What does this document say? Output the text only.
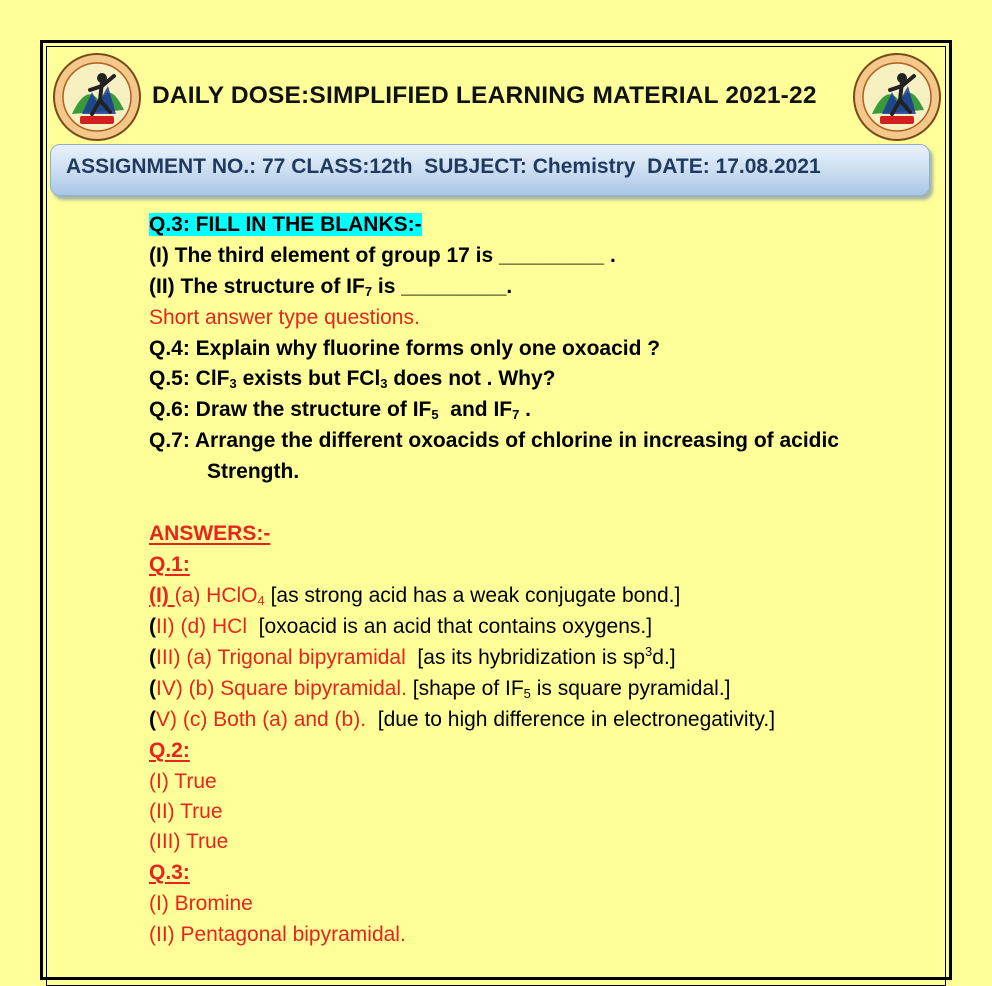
DAILY DOSE:SIMPLIFIED LEARNING MATERIAL 2021-22
ASSIGNMENT NO.: 77 CLASS:12th  SUBJECT: Chemistry  DATE: 17.08.2021
Q.3: FILL IN THE BLANKS:-
(I) The third element of group 17 is _________ .
(II) The structure of $IF_7$ is _________.
Short answer type questions.
Q.4: Explain why fluorine forms only one oxoacid ?
Q.5: ClF$_3$ exists but FCl$_3$ does not . Why?
Q.6: Draw the structure of $IF_5$  and $IF_7$ .
Q.7: Arrange the different oxoacids of chlorine in increasing of acidic
Strength.
ANSWERS:-
Q.1:
(I) (a) HClO$_4$ [as strong acid has a weak conjugate bond.]
(II) (d) HCl  [oxoacid is an acid that contains oxygens.]
(III) (a) Trigonal bipyramidal  [as its hybridization is $sp^3d$.]
(IV) (b) Square bipyramidal. [shape of $IF_5$ is square pyramidal.]
(V) (c) Both (a) and (b).  [due to high difference in electronegativity.]
Q.2:
(I) True
(II) True
(III) True
Q.3:
(I) Bromine
(II) Pentagonal bipyramidal.
